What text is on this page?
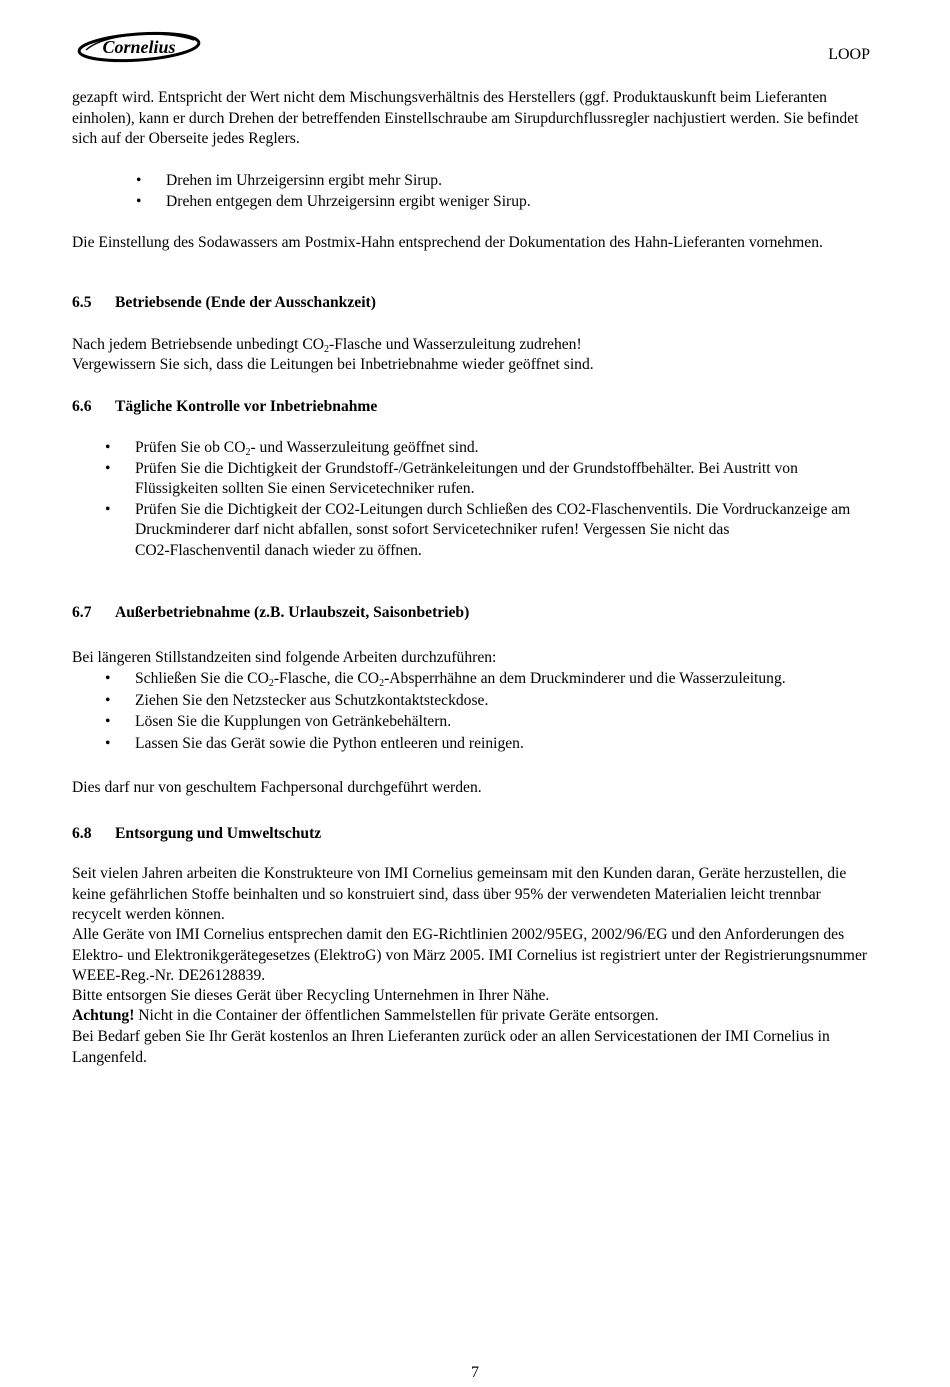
Cornelius	LOOP

gezapft wird. Entspricht der Wert nicht dem Mischungsverhältnis des Herstellers (ggf. Produktauskunft beim Lieferanten einholen), kann er durch Drehen der betreffenden Einstellschraube am Sirupdurchflussregler nachjustiert werden. Sie befindet sich auf der Oberseite jedes Reglers.

• Drehen im Uhrzeigersinn ergibt mehr Sirup.
• Drehen entgegen dem Uhrzeigersinn ergibt weniger Sirup.

Die Einstellung des Sodawassers am Postmix-Hahn entsprechend der Dokumentation des Hahn-Lieferanten vornehmen.

6.5 Betriebsende (Ende der Ausschankzeit)

Nach jedem Betriebsende unbedingt $CO_2$-Flasche und Wasserzuleitung zudrehen!

Vergewissern Sie sich, dass die Leitungen bei Inbetriebnahme wieder geöffnet sind.

6.6 Tägliche Kontrolle vor Inbetriebnahme
• Prüfen Sie ob $CO_2-$ und Wasserzuleitung geöffnet sind.
• Prüfen Sie die Dichtigkeit der Grundstoff-/Getränkeleitungen und der Grundstoffbehälter. Bei Austritt von Flüssigkeiten sollten Sie einen Servicetechniker rufen.
• Prüfen Sie die Dichtigkeit der CO2-Leitungen durch Schließen des CO2-Flaschenventils. Die Vordruckanzeige am Druckminderer darf nicht abfallen, sonst sofort Servicetechniker rufen! Vergessen Sie nicht das
CO2-Flaschenventil danach wieder zu öffnen.
6.7 Außerbetriebnahme (z.B. Urlaubszeit, Saisonbetrieb)

Bei längeren Stillstandzeiten sind folgende Arbeiten durchzuführen:

• Schließen Sie die $CO_2$-Flasche, die $CO_2$-Absperrhähne an dem Druckminderer und die Wasserzuleitung.
• Ziehen Sie den Netzstecker aus Schutzkontaktsteckdose.
• Lösen Sie die Kupplungen von Getränkebehältern.
• Lassen Sie das Gerät sowie die Python entleeren und reinigen.

Dies darf nur von geschultem Fachpersonal durchgeführt werden.

6.8 Entsorgung und Umweltschutz

Seit vielen Jahren arbeiten die Konstrukteure von IMI Cornelius gemeinsam mit den Kunden daran, Geräte herzustellen, die keine gefährlichen Stoffe beinhalten und so konstruiert sind, dass über 95% der verwendeten Materialien leicht trennbar recycelt werden können.

Alle Geräte von IMI Cornelius entsprechen damit den EG-Richtlinien 2002/95EG, 2002/96/EG und den Anforderungen des Elektro- und Elektronikgerätegesetzes (ElektroG) von März 2005. IMI Cornelius ist registriert unter der Registrierungsnummer WEEE-Reg.-Nr. DE26128839.

Bitte entsorgen Sie dieses Gerät über Recycling Unternehmen in Ihrer Nähe.

Achtung! Nicht in die Container der öffentlichen Sammelstellen für private Geräte entsorgen.

Bei Bedarf geben Sie Ihr Gerät kostenlos an Ihren Lieferanten zurück oder an allen Servicestationen der IMI Cornelius in Langenfeld.

7
